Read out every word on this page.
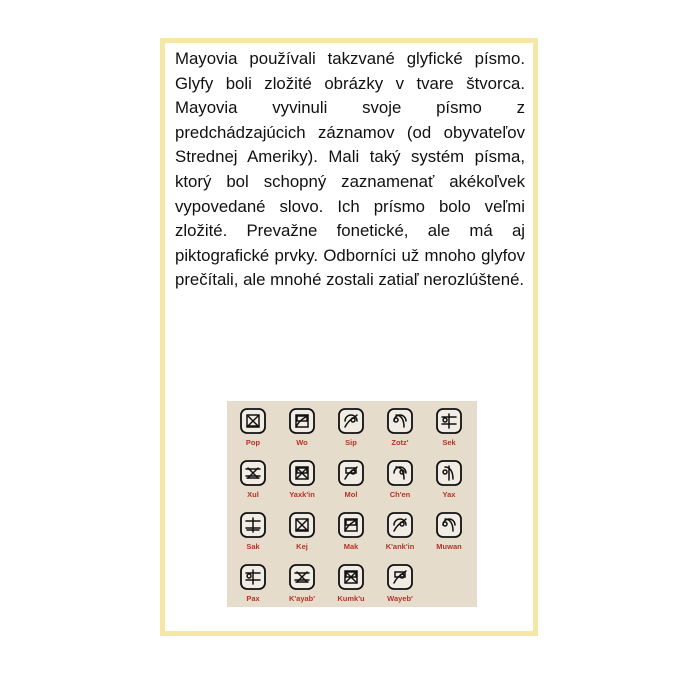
Mayovia používali takzvané glyfické písmo. Glyfy boli zložité obrázky v tvare štvorca. Mayovia vyvinuli svoje písmo z predchádzajúcich záznamov (od obyvateľov Strednej Ameriky). Mali taký systém písma, ktorý bol schopný zaznamenať akékoľvek vypovedané slovo. Ich prísmo bolo veľmi zložité. Prevažne fonetické, ale má aj piktografické prvky. Odborníci už mnoho glyfov prečítali, ale mnohé zostali zatiaľ nerozlúštené.

Pop	Wo	Sip	Zotz'	Sek
Xul	Yaxk'in	Mol	Ch'en	Yax
Sak	Kej	Mak	K'ank'in	Muwan
Pax	K'ayab'	Kumk'u	Wayeb'
